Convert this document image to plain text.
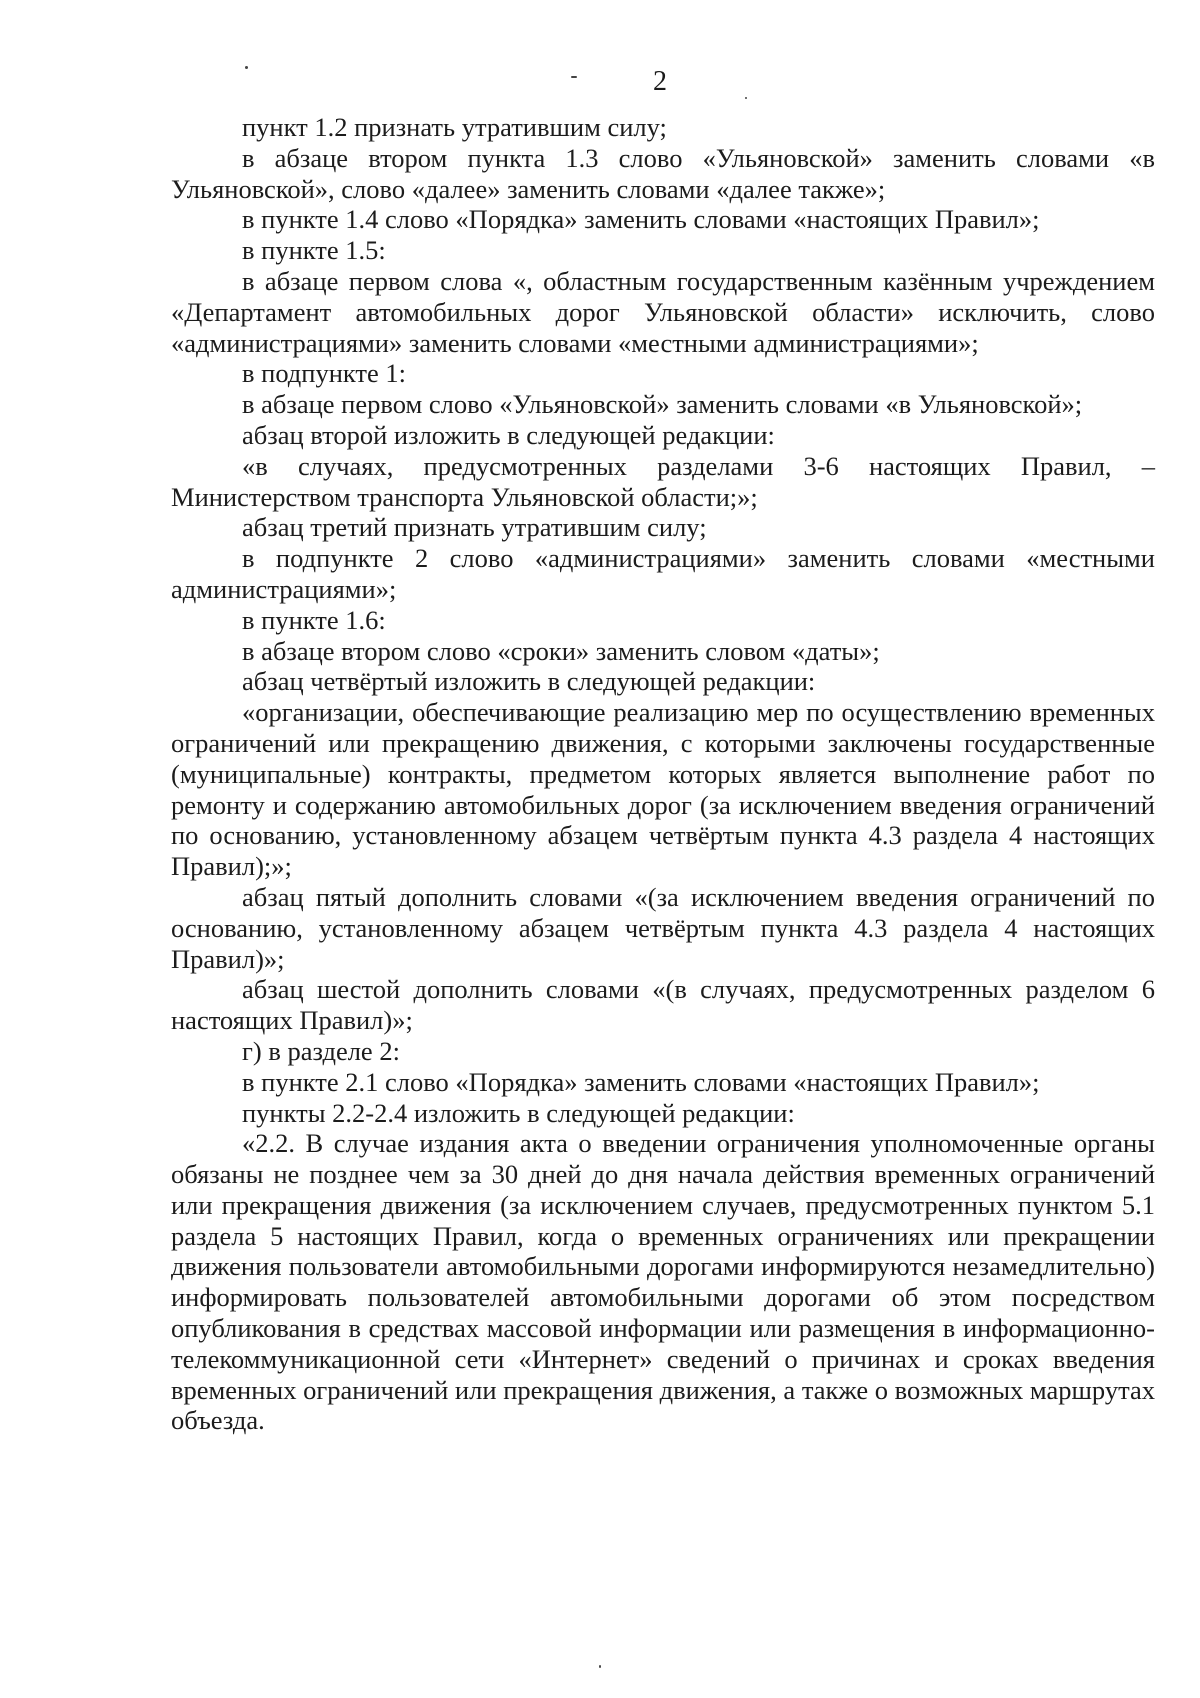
2

пункт 1.2 признать утратившим силу;

в абзаце втором пункта 1.3 слово «Ульяновской» заменить словами «в Ульяновской», слово «далее» заменить словами «далее также»;

в пункте 1.4 слово «Порядка» заменить словами «настоящих Правил»;

в пункте 1.5:

в абзаце первом слова «, областным государственным казённым учреждением «Департамент автомобильных дорог Ульяновской области» исключить, слово «администрациями» заменить словами «местными администрациями»;

в подпункте 1:

в абзаце первом слово «Ульяновской» заменить словами «в Ульяновской»;

абзац второй изложить в следующей редакции:

«в случаях, предусмотренных разделами 3-6 настоящих Правил, – Министерством транспорта Ульяновской области;»;

абзац третий признать утратившим силу;

в подпункте 2 слово «администрациями» заменить словами «местными администрациями»;

в пункте 1.6:

в абзаце втором слово «сроки» заменить словом «даты»;

абзац четвёртый изложить в следующей редакции:

«организации, обеспечивающие реализацию мер по осуществлению временных ограничений или прекращению движения, с которыми заключены государственные (муниципальные) контракты, предметом которых является выполнение работ по ремонту и содержанию автомобильных дорог (за исключением введения ограничений по основанию, установленному абзацем четвёртым пункта 4.3 раздела 4 настоящих Правил);»;

абзац пятый дополнить словами «(за исключением введения ограничений по основанию, установленному абзацем четвёртым пункта 4.3 раздела 4 настоящих Правил)»;

абзац шестой дополнить словами «(в случаях, предусмотренных разделом 6 настоящих Правил)»;

г) в разделе 2:

в пункте 2.1 слово «Порядка» заменить словами «настоящих Правил»;

пункты 2.2-2.4 изложить в следующей редакции:

«2.2. В случае издания акта о введении ограничения уполномоченные органы обязаны не позднее чем за 30 дней до дня начала действия временных ограничений или прекращения движения (за исключением случаев, предусмотренных пунктом 5.1 раздела 5 настоящих Правил, когда о временных ограничениях или прекращении движения пользователи автомобильными дорогами информируются незамедлительно) информировать пользователей автомобильными дорогами об этом посредством опубликования в средствах массовой информации или размещения в информационно-телекоммуникационной сети «Интернет» сведений о причинах и сроках введения временных ограничений или прекращения движения, а также о возможных маршрутах объезда.
